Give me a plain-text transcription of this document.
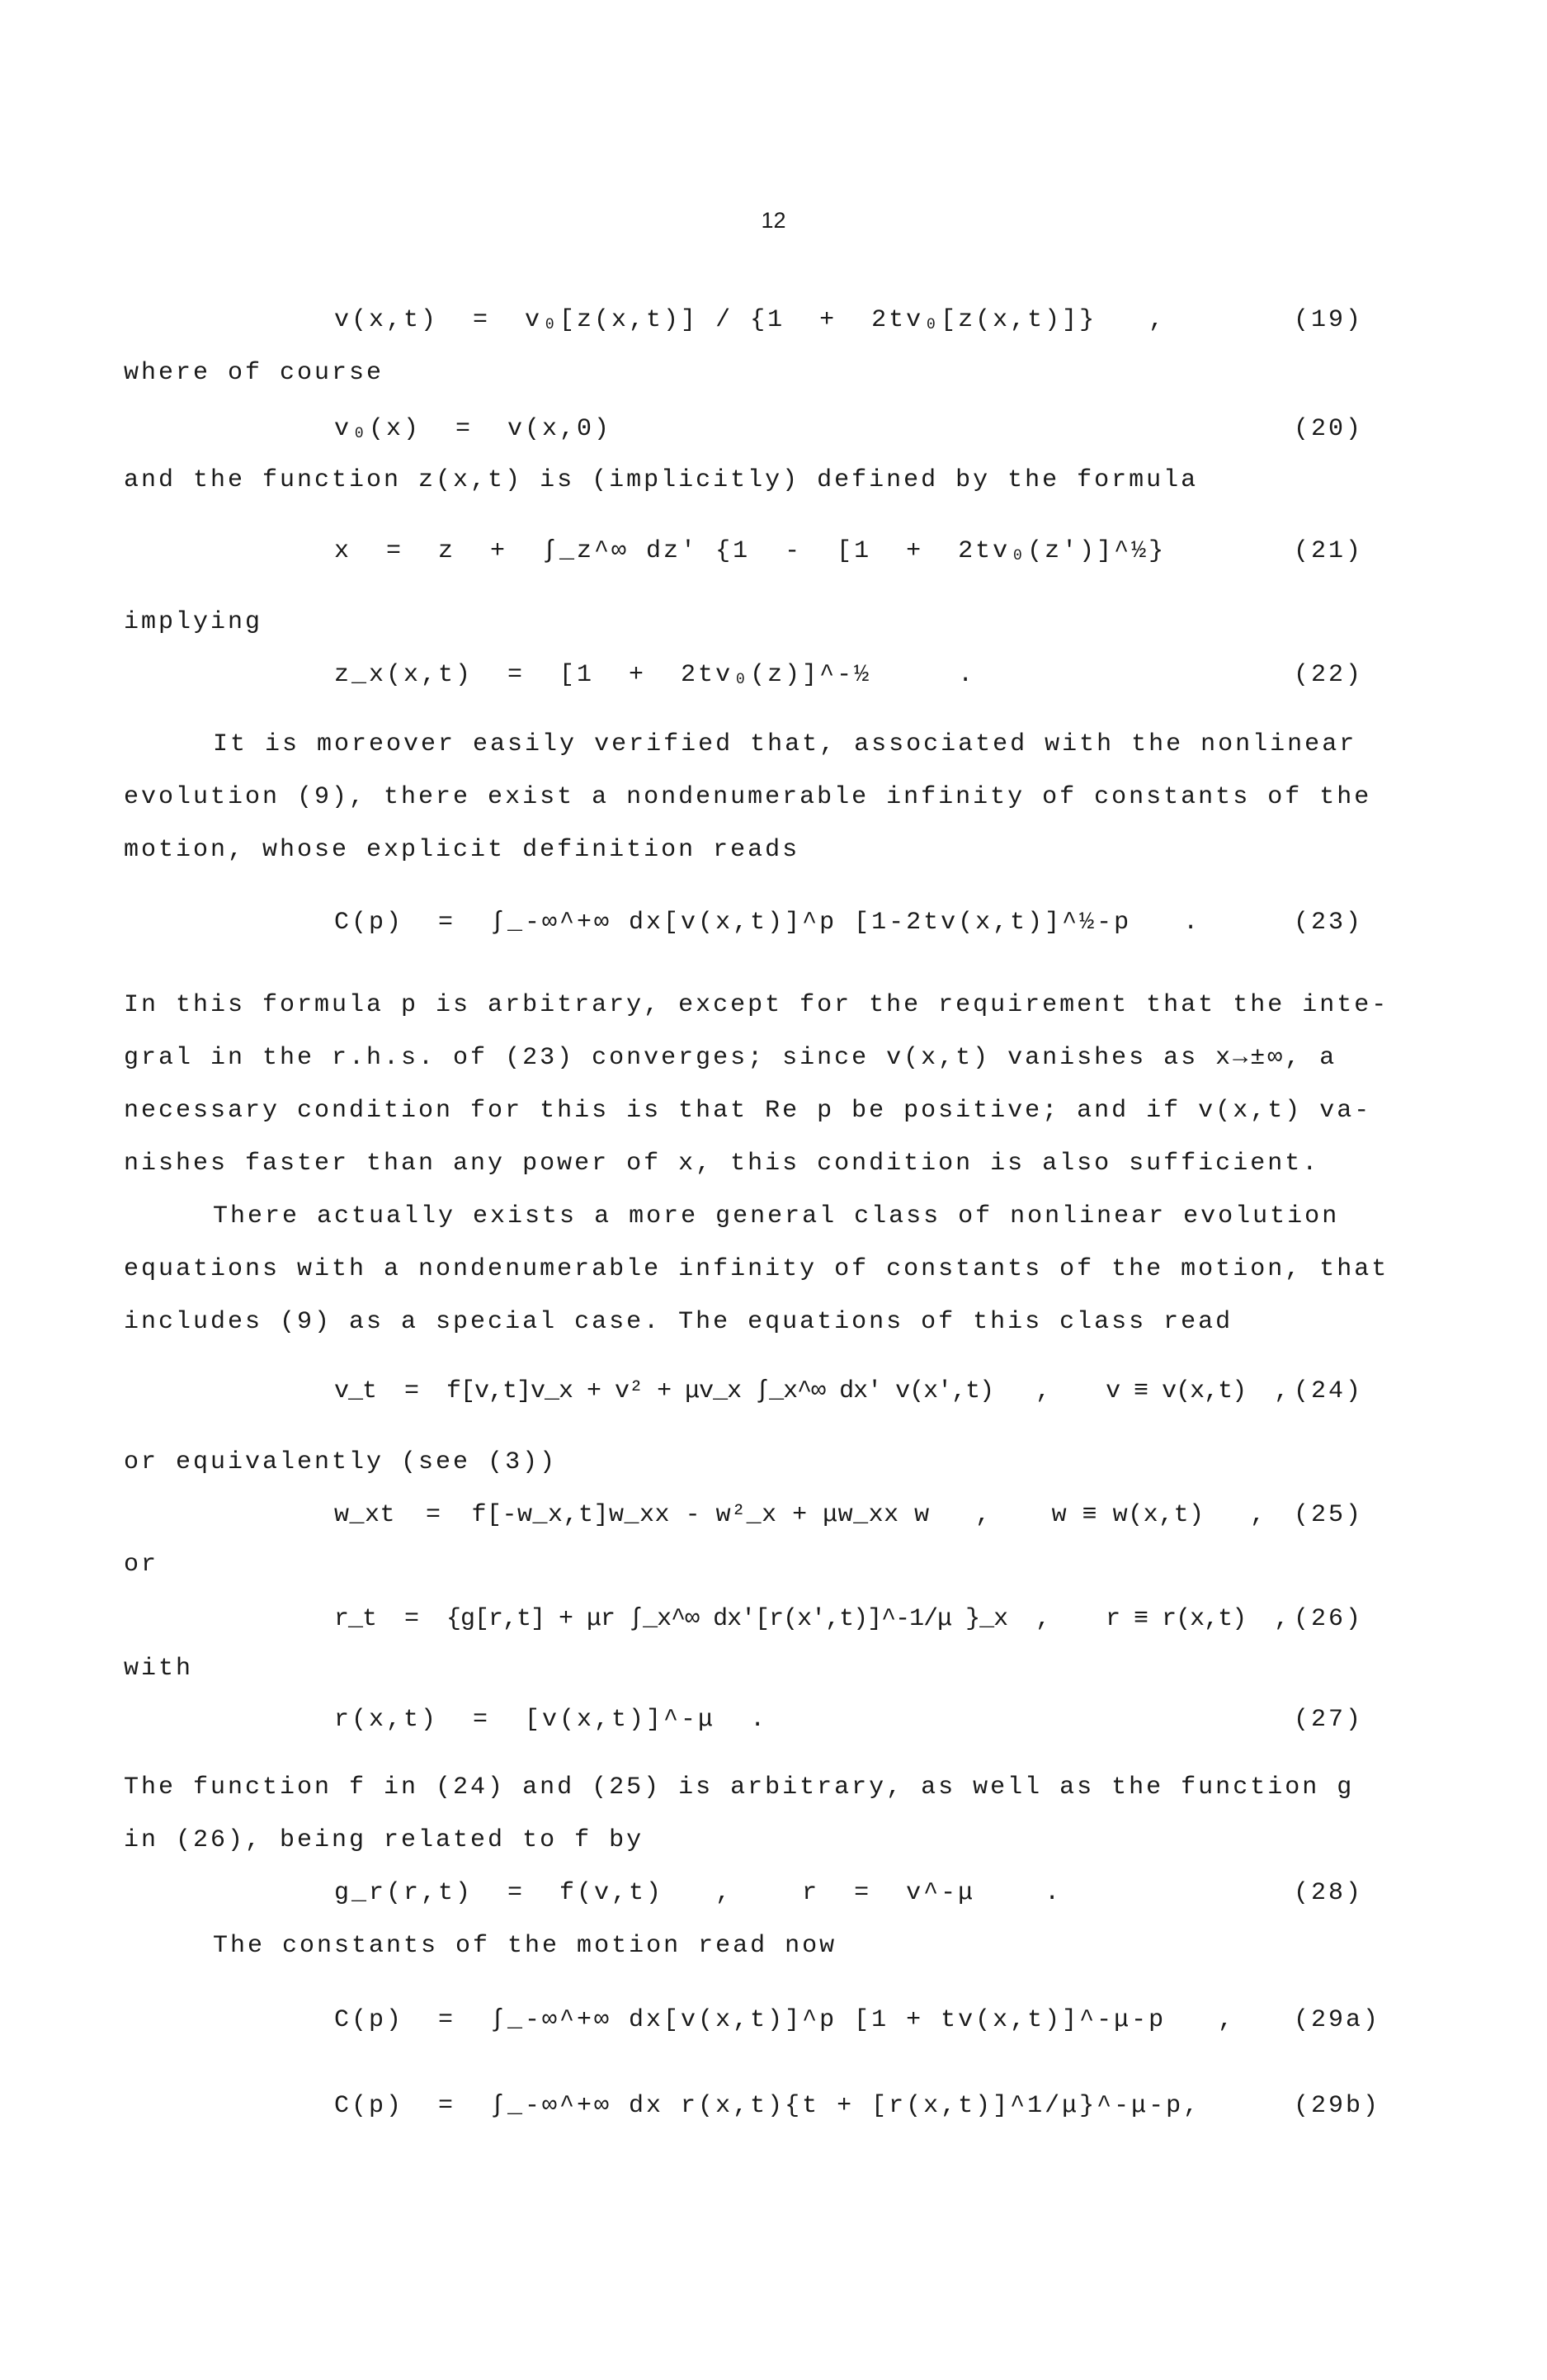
12
v(x,t)  =  v₀[z(x,t)] / {1  +  2tv₀[z(x,t)]}   ,	(19)
where of course
v₀(x)  =  v(x,0)	(20)
and the function z(x,t) is (implicitly) defined by the formula
x  =  z  +  ∫_z^∞ dz' {1  -  [1  +  2tv₀(z')]^½}	(21)
implying
z_x(x,t)  =  [1  +  2tv₀(z)]^-½     .	(22)
It is moreover easily verified that, associated with the nonlinear
evolution (9), there exist a nondenumerable infinity of constants of the
motion, whose explicit definition reads
C(p)  =  ∫_-∞^+∞ dx[v(x,t)]^p [1-2tv(x,t)]^½-p   .	(23)
In this formula p is arbitrary, except for the requirement that the inte-
gral in the r.h.s. of (23) converges; since v(x,t) vanishes as x→±∞, a
necessary condition for this is that Re p be positive; and if v(x,t) va-
nishes faster than any power of x, this condition is also sufficient.
There actually exists a more general class of nonlinear evolution
equations with a nondenumerable infinity of constants of the motion, that
includes (9) as a special case. The equations of this class read
v_t  =  f[v,t]v_x + v² + μv_x ∫_x^∞ dx' v(x',t)   ,    v ≡ v(x,t)  , (24)
or equivalently (see (3))
w_xt  =  f[-w_x,t]w_xx - w²_x + μw_xx w   ,    w ≡ w(x,t)   , (25)
or
r_t  =  {g[r,t] + μr ∫_x^∞ dx'[r(x',t)]^-1/μ }_x  ,    r ≡ r(x,t)  , (26)
with
r(x,t)  =  [v(x,t)]^-μ  .	(27)
The function f in (24) and (25) is arbitrary, as well as the function g
in (26), being related to f by
g_r(r,t)  =  f(v,t)   ,    r  =  v^-μ    .	(28)
The constants of the motion read now
C(p)  =  ∫_-∞^+∞ dx[v(x,t)]^p [1 + tv(x,t)]^-μ-p   , (29a)
C(p)  =  ∫_-∞^+∞ dx r(x,t){t + [r(x,t)]^1/μ}^-μ-p,	(29b)
